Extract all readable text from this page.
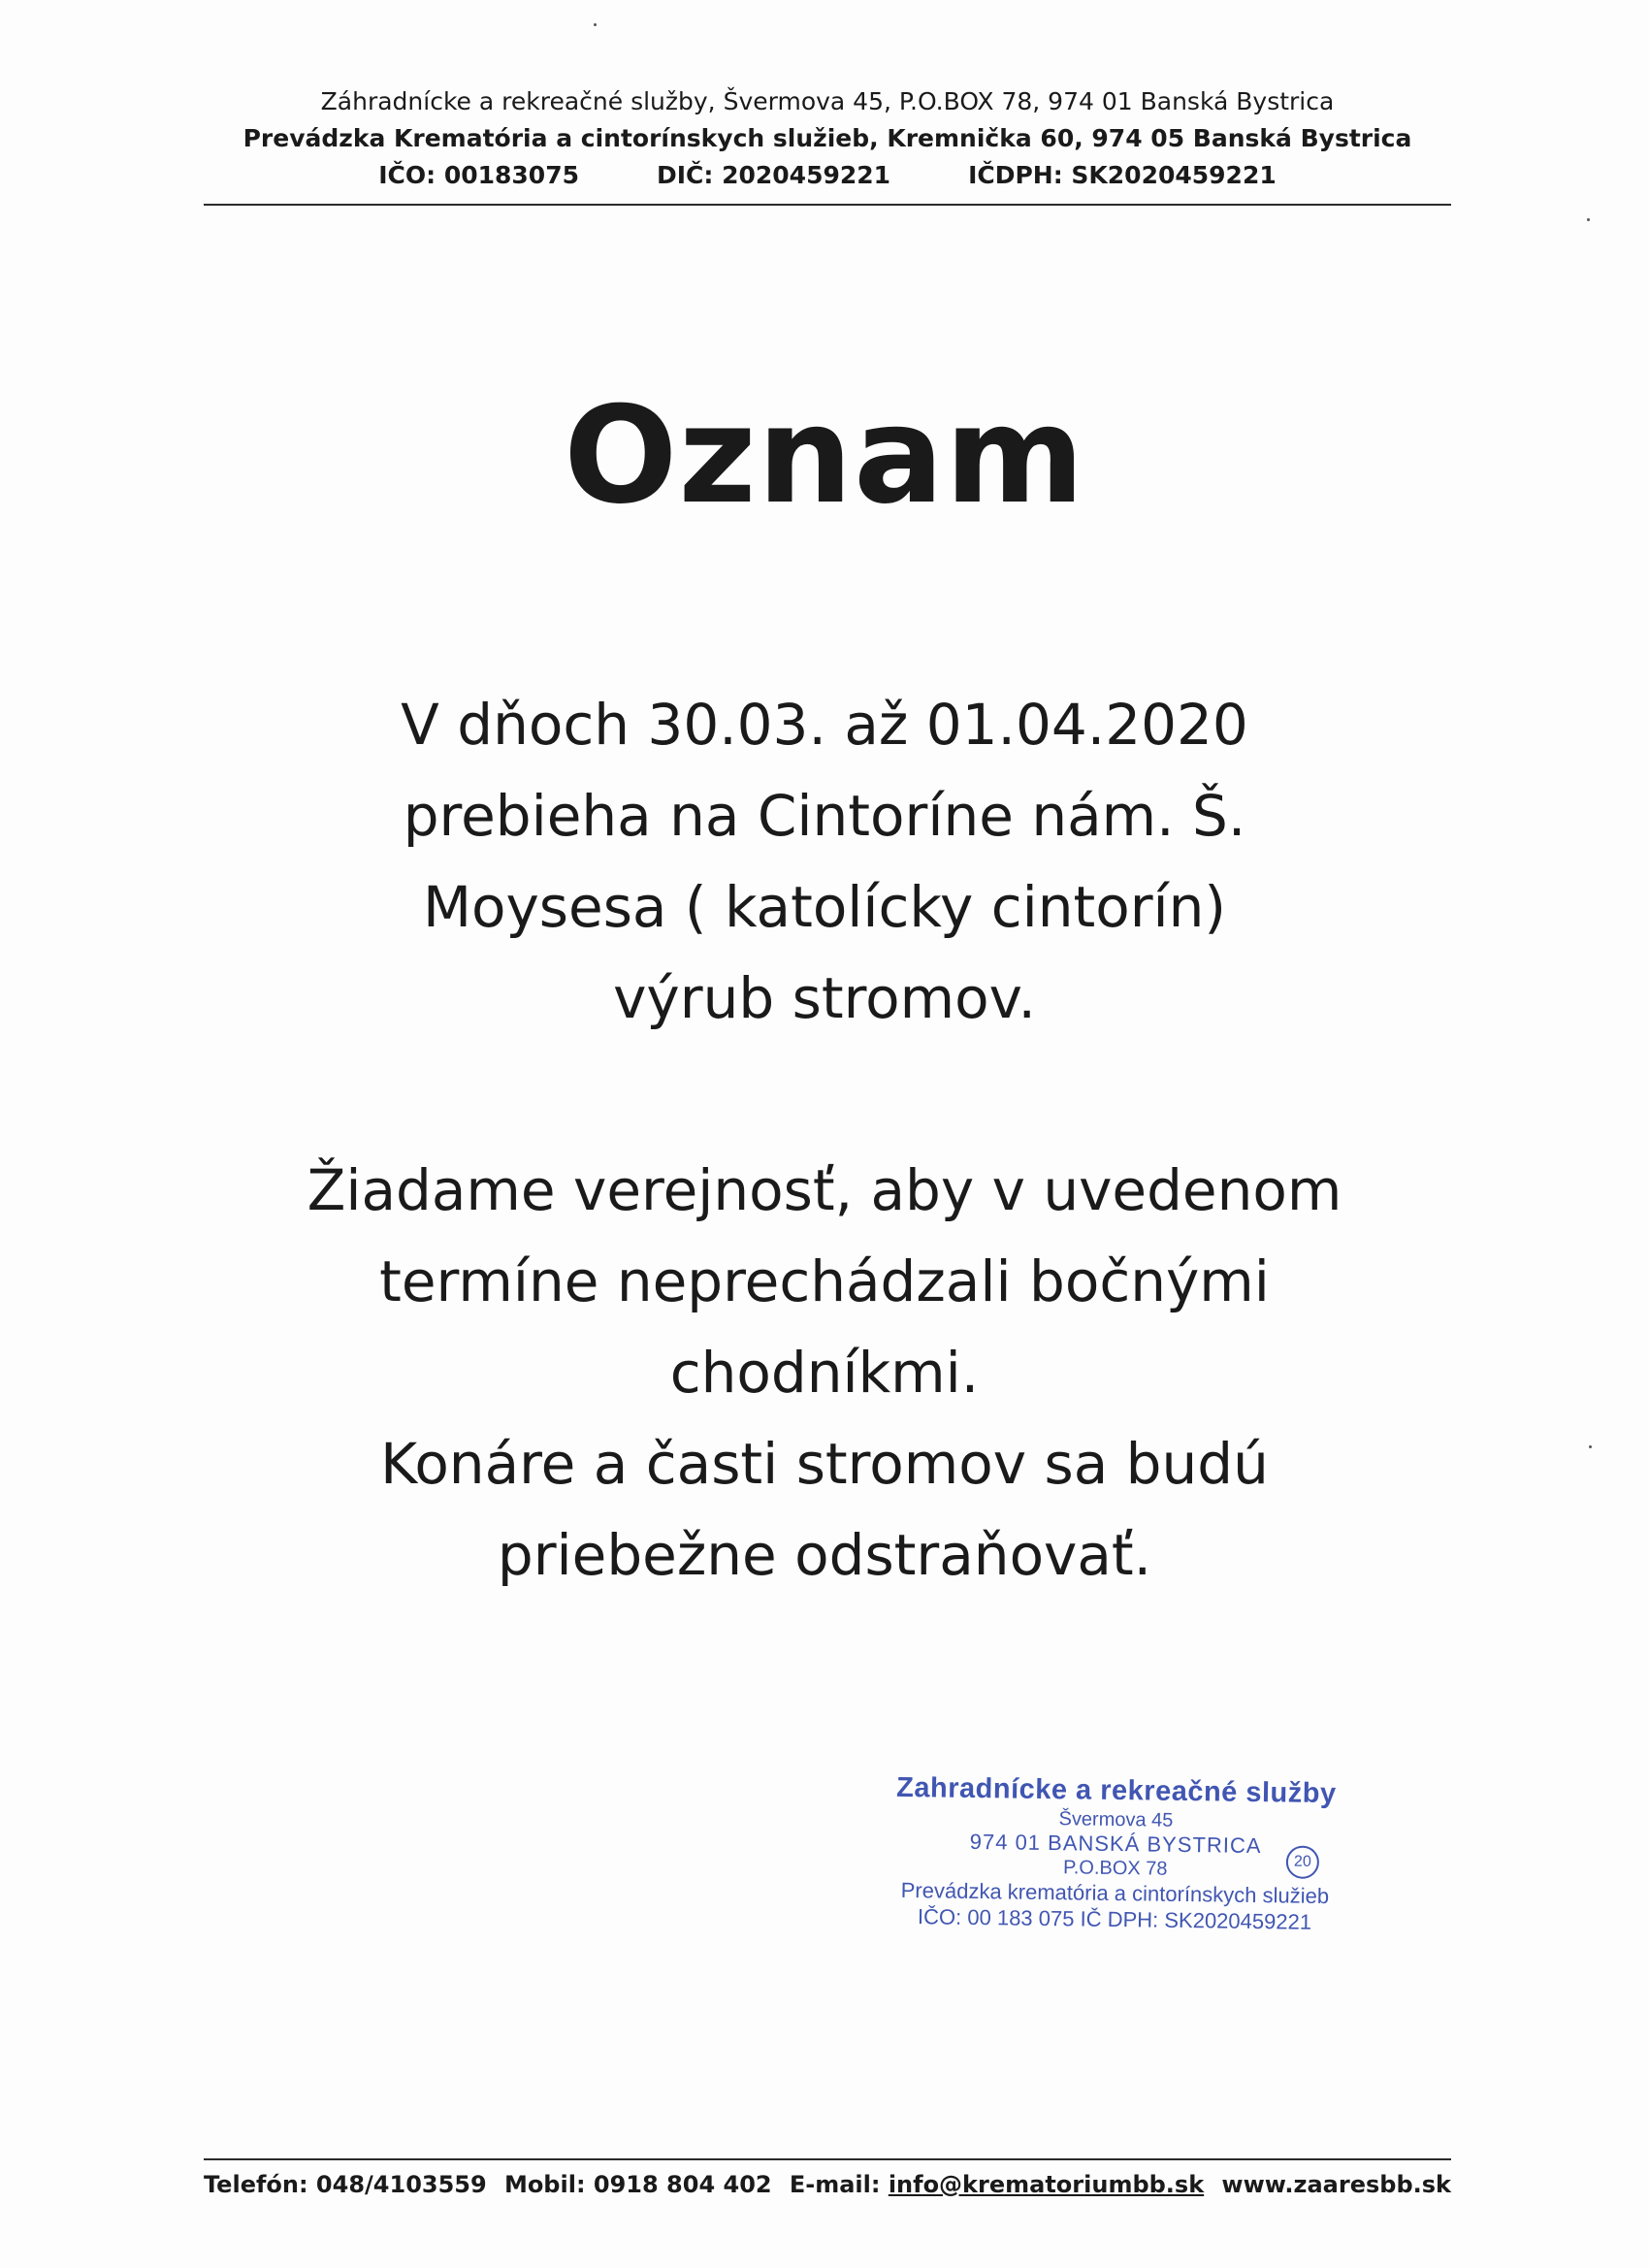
Záhradnícke a rekreačné služby, Švermova 45, P.O.BOX 78, 974 01 Banská Bystrica
Prevádzka Krematória a cintorínskych služieb, Kremnička 60, 974 05 Banská Bystrica
IČO: 00183075	DIČ: 2020459221	IČDPH: SK2020459221
Oznam
V dňoch 30.03. až 01.04.2020
prebieha na Cintoríne nám. Š.
Moysesa ( katolícky cintorín)
výrub stromov.
Žiadame verejnosť, aby v uvedenom
termíne neprechádzali bočnými
chodníkmi.
Konáre a časti stromov sa budú
priebežne odstraňovať.
Zahradnícke a rekreačné služby
Švermova 45
974 01 BANSKÁ BYSTRICA
P.O.BOX 78
Prevádzka krematória a cintorínskych služieb
IČO: 00 183 075 IČ DPH: SK2020459221
20
Telefón: 048/4103559 Mobil: 0918 804 402 E-mail: info@krematoriumbb.sk www.zaaresbb.sk
